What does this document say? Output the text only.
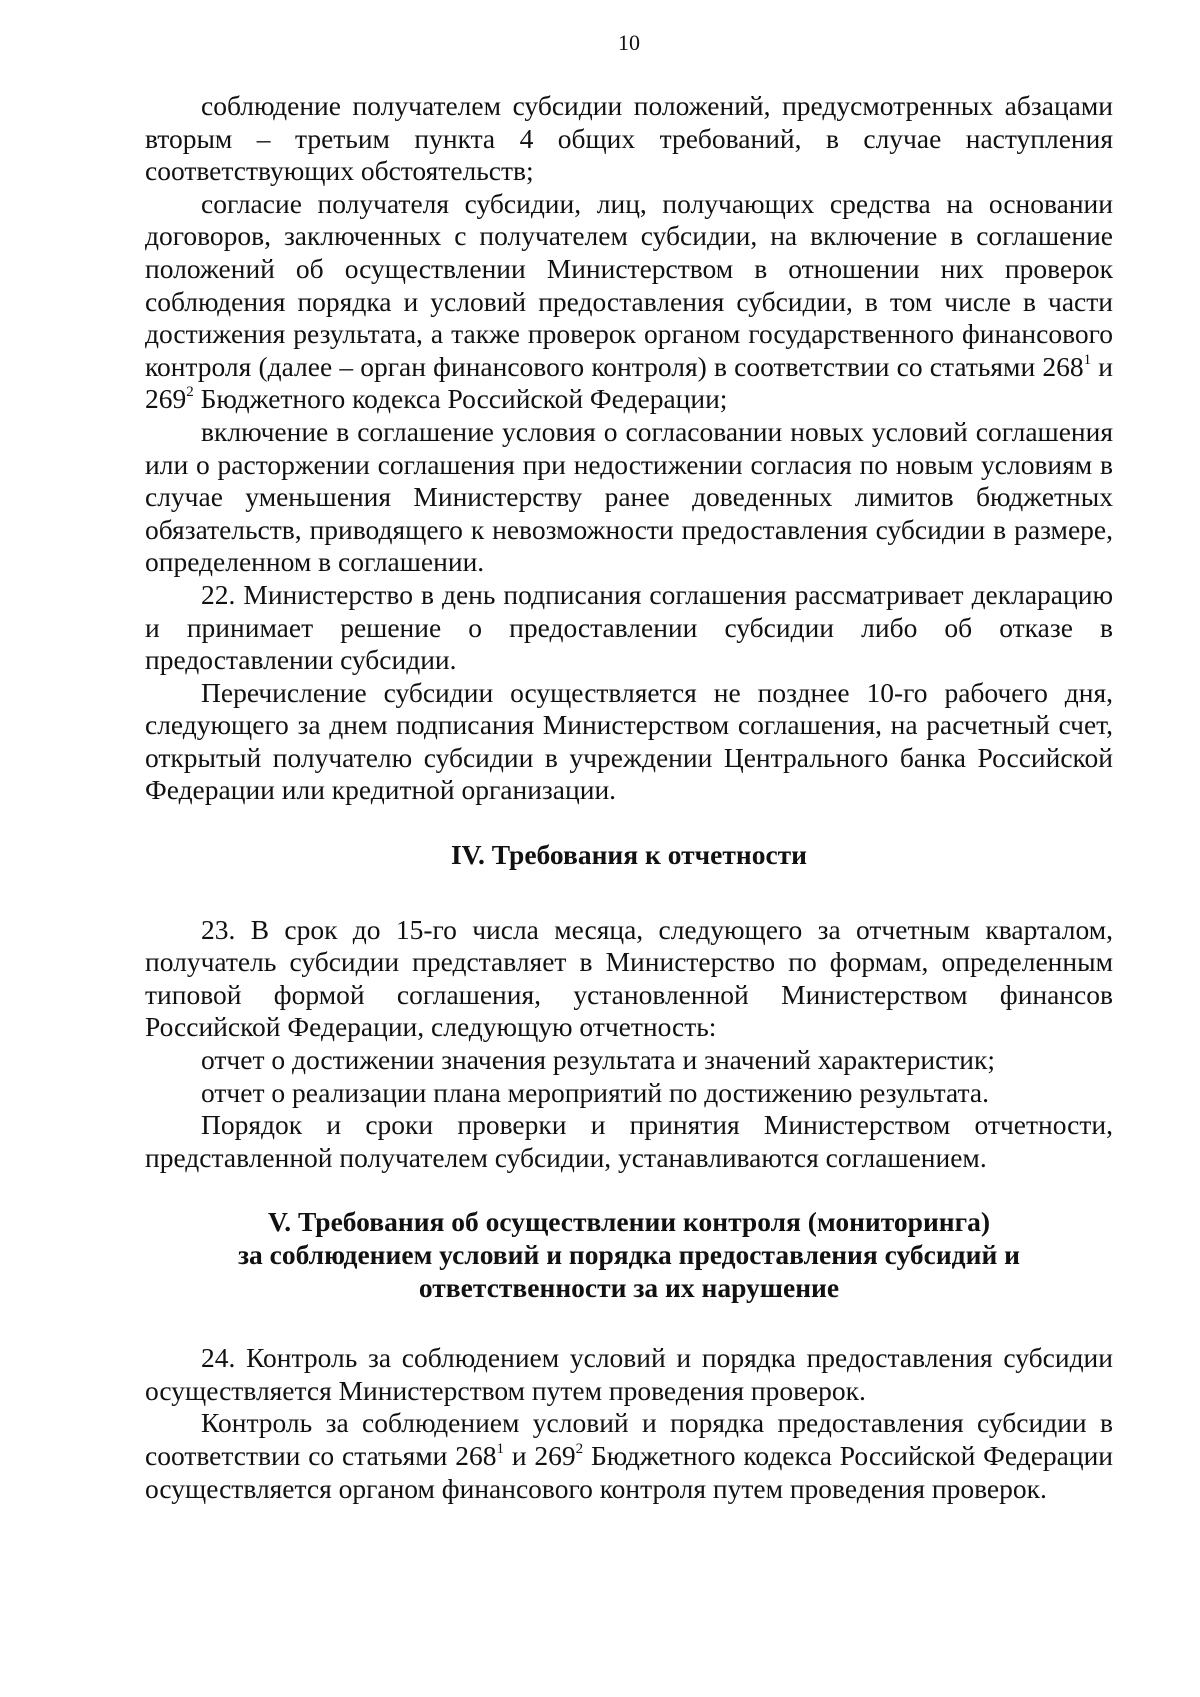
10

соблюдение получателем субсидии положений, предусмотренных абзацами вторым – третьим пункта 4 общих требований, в случае наступления соответствующих обстоятельств;

согласие получателя субсидии, лиц, получающих средства на основании договоров, заключенных с получателем субсидии, на включение в соглашение положений об осуществлении Министерством в отношении них проверок соблюдения порядка и условий предоставления субсидии, в том числе в части достижения результата, а также проверок органом государственного финансового контроля (далее – орган финансового контроля) в соответствии со статьями $268^1$ и $269^2$ Бюджетного кодекса Российской Федерации;

включение в соглашение условия о согласовании новых условий соглашения или о расторжении соглашения при недостижении согласия по новым условиям в случае уменьшения Министерству ранее доведенных лимитов бюджетных обязательств, приводящего к невозможности предоставления субсидии в размере, определенном в соглашении.

22. Министерство в день подписания соглашения рассматривает декларацию и принимает решение о предоставлении субсидии либо об отказе в предоставлении субсидии.

Перечисление субсидии осуществляется не позднее 10-го рабочего дня, следующего за днем подписания Министерством соглашения, на расчетный счет, открытый получателю субсидии в учреждении Центрального банка Российской Федерации или кредитной организации.

IV. Требования к отчетности

23. В срок до 15-го числа месяца, следующего за отчетным кварталом, получатель субсидии представляет в Министерство по формам, определенным типовой формой соглашения, установленной Министерством финансов Российской Федерации, следующую отчетность:

отчет о достижении значения результата и значений характеристик;

отчет о реализации плана мероприятий по достижению результата.

Порядок и сроки проверки и принятия Министерством отчетности, представленной получателем субсидии, устанавливаются соглашением.

V. Требования об осуществлении контроля (мониторинга)
за соблюдением условий и порядка предоставления субсидий и
ответственности за их нарушение

24. Контроль за соблюдением условий и порядка предоставления субсидии осуществляется Министерством путем проведения проверок.

Контроль за соблюдением условий и порядка предоставления субсидии в соответствии со статьями $268^1$ и $269^2$ Бюджетного кодекса Российской Федерации осуществляется органом финансового контроля путем проведения проверок.
